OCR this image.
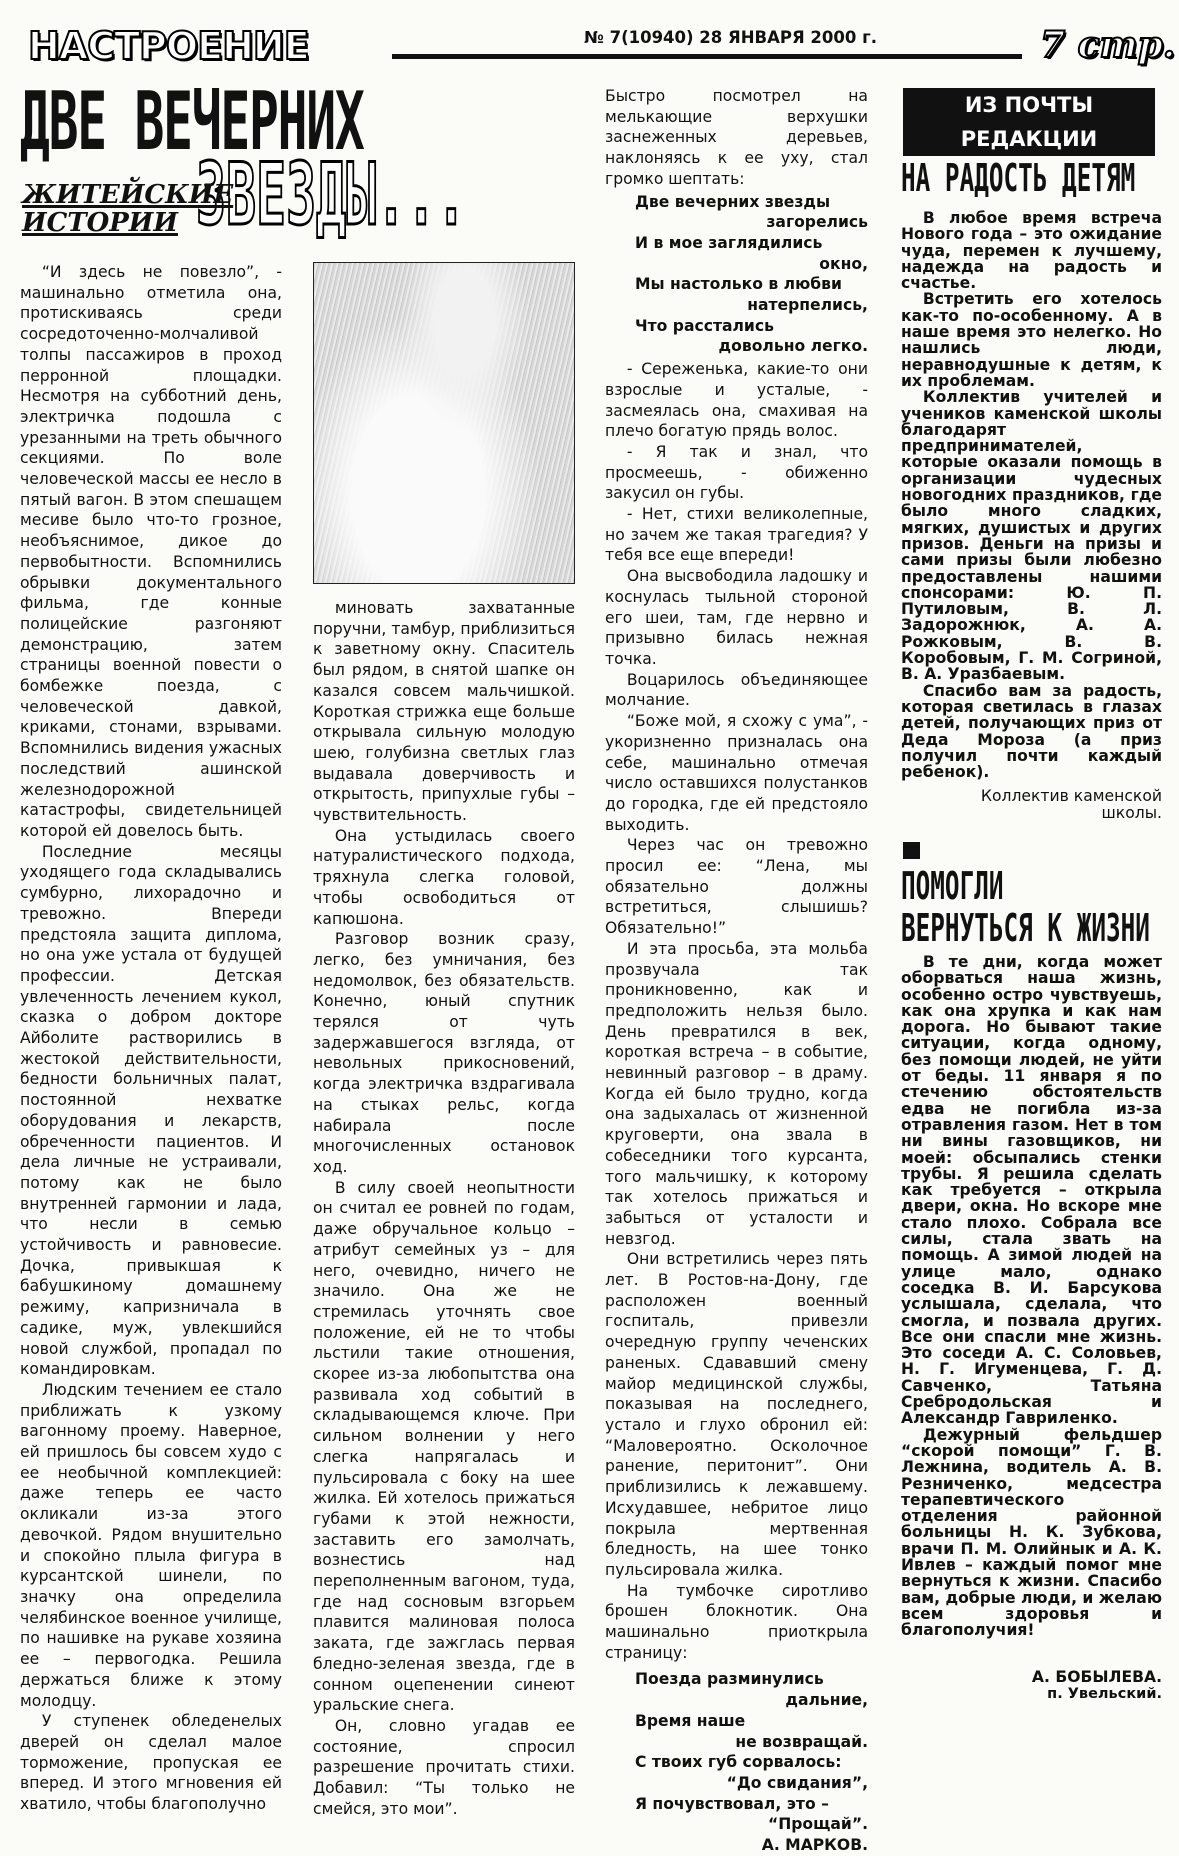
НАСТРОЕНИЕ	№ 7(10940) 28 ЯНВАРЯ 2000 г.	7 стр.
ДВЕ ВЕЧЕРНИХ
ЗВЕЗДЫ...
ЖИТЕЙСКИЕ
ИСТОРИИ

“И здесь не повезло”, - машинально отметила она, протискиваясь среди сосредоточенно-молчаливой толпы пассажиров в проход перронной площадки. Несмотря на субботний день, электричка подошла с урезанными на треть обычного секциями. По воле человеческой массы ее несло в пятый вагон. В этом спешащем месиве было что-то грозное, необъяснимое, дикое до первобытности. Вспомнились обрывки документального фильма, где конные полицейские разгоняют демонстрацию, затем страницы военной повести о бомбежке поезда, с человеческой давкой, криками, стонами, взрывами. Вспомнились видения ужасных последствий ашинской железнодорожной катастрофы, свидетельницей которой ей довелось быть.

Последние месяцы уходящего года складывались сумбурно, лихорадочно и тревожно. Впереди предстояла защита диплома, но она уже устала от будущей профессии. Детская увлеченность лечением кукол, сказка о добром докторе Айболите растворились в жестокой действительности, бедности больничных палат, постоянной нехватке оборудования и лекарств, обреченности пациентов. И дела личные не устраивали, потому как не было внутренней гармонии и лада, что несли в семью устойчивость и равновесие. Дочка, привыкшая к бабушкиному домашнему режиму, капризничала в садике, муж, увлекшийся новой службой, пропадал по командировкам.

Людским течением ее стало приближать к узкому вагонному проему. Наверное, ей пришлось бы совсем худо с ее необычной комплекцией: даже теперь ее часто окликали из-за этого девочкой. Рядом внушительно и спокойно плыла фигура в курсантской шинели, по значку она определила челябинское военное училище, по нашивке на рукаве хозяина ее – первогодка. Решила держаться ближе к этому молодцу.

У ступенек обледенелых дверей он сделал малое торможение, пропуская ее вперед. И этого мгновения ей хватило, чтобы благополучно

миновать захватанные поручни, тамбур, приблизиться к заветному окну. Спаситель был рядом, в снятой шапке он казался совсем мальчишкой. Короткая стрижка еще больше открывала сильную молодую шею, голубизна светлых глаз выдавала доверчивость и открытость, припухлые губы – чувствительность.

Она устыдилась своего натуралистического подхода, тряхнула слегка головой, чтобы освободиться от капюшона.

Разговор возник сразу, легко, без умничания, без недомолвок, без обязательств. Конечно, юный спутник терялся от чуть задержавшегося взгляда, от невольных прикосновений, когда электричка вздрагивала на стыках рельс, когда набирала после многочисленных остановок ход.

В силу своей неопытности он считал ее ровней по годам, даже обручальное кольцо – атрибут семейных уз – для него, очевидно, ничего не значило. Она же не стремилась уточнять свое положение, ей не то чтобы льстили такие отношения, скорее из-за любопытства она развивала ход событий в складывающемся ключе. При сильном волнении у него слегка напрягалась и пульсировала с боку на шее жилка. Ей хотелось прижаться губами к этой нежности, заставить его замолчать, вознестись над переполненным вагоном, туда, где над сосновым взгорьем плавится малиновая полоса заката, где зажглась первая бледно-зеленая звезда, где в сонном оцепенении синеют уральские снега.

Он, словно угадав ее состояние, спросил разрешение прочитать стихи. Добавил: “Ты только не смейся, это мои”.

Быстро посмотрел на мелькающие верхушки заснеженных деревьев, наклоняясь к ее уху, стал громко шептать:

Две вечерних звезды
загорелись
И в мое заглядились
окно,
Мы настолько в любви
натерпелись,
Что расстались
довольно легко.

- Сереженька, какие-то они взрослые и усталые, - засмеялась она, смахивая на плечо богатую прядь волос.

- Я так и знал, что просмеешь, - обиженно закусил он губы.

- Нет, стихи великолепные, но зачем же такая трагедия? У тебя все еще впереди!

Она высвободила ладошку и коснулась тыльной стороной его шеи, там, где нервно и призывно билась нежная точка.

Воцарилось объединяющее молчание.

“Боже мой, я схожу с ума”, - укоризненно призналась она себе, машинально отмечая число оставшихся полустанков до городка, где ей предстояло выходить.

Через час он тревожно просил ее: “Лена, мы обязательно должны встретиться, слышишь? Обязательно!”

И эта просьба, эта мольба прозвучала так проникновенно, как и предположить нельзя было. День превратился в век, короткая встреча – в событие, невинный разговор – в драму. Когда ей было трудно, когда она задыхалась от жизненной круговерти, она звала в собеседники того курсанта, того мальчишку, к которому так хотелось прижаться и забыться от усталости и невзгод.

Они встретились через пять лет. В Ростов-на-Дону, где расположен военный госпиталь, привезли очередную группу чеченских раненых. Сдававший смену майор медицинской службы, показывая на последнего, устало и глухо обронил ей: “Маловероятно. Осколочное ранение, перитонит”. Они приблизились к лежавшему. Исхудавшее, небритое лицо покрыла мертвенная бледность, на шее тонко пульсировала жилка.

На тумбочке сиротливо брошен блокнотик. Она машинально приоткрыла страницу:

Поезда разминулись
дальние,
Время наше
не возвращай.
С твоих губ сорвалось:
“До свидания”,
Я почувствовал, это –
“Прощай”.
А. МАРКОВ.
ИЗ ПОЧТЫ РЕДАКЦИИ
НА РАДОСТЬ ДЕТЯМ

В любое время встреча Нового года – это ожидание чуда, перемен к лучшему, надежда на радость и счастье.

Встретить его хотелось как-то по-особенному. А в наше время это нелегко. Но нашлись люди, неравнодушные к детям, к их проблемам.

Коллектив учителей и учеников каменской школы благодарят предпринимателей, которые оказали помощь в организации чудесных новогодних праздников, где было много сладких, мягких, душистых и других призов. Деньги на призы и сами призы были любезно предоставлены нашими спонсорами: Ю. П. Путиловым, В. Л. Задорожнюк, А. А. Рожковым, В. В. Коробовым, Г. М. Согриной, В. А. Уразбаевым.

Спасибо вам за радость, которая светилась в глазах детей, получающих приз от Деда Мороза (а приз получил почти каждый ребенок).

Коллектив каменской школы.

ПОМОГЛИ
ВЕРНУТЬСЯ К ЖИЗНИ

В те дни, когда может оборваться наша жизнь, особенно остро чувствуешь, как она хрупка и как нам дорога. Но бывают такие ситуации, когда одному, без помощи людей, не уйти от беды. 11 января я по стечению обстоятельств едва не погибла из-за отравления газом. Нет в том ни вины газовщиков, ни моей: обсыпались стенки трубы. Я решила сделать как требуется – открыла двери, окна. Но вскоре мне стало плохо. Собрала все силы, стала звать на помощь. А зимой людей на улице мало, однако соседка В. И. Барсукова услышала, сделала, что смогла, и позвала других. Все они спасли мне жизнь. Это соседи А. С. Соловьев, Н. Г. Игуменцева, Г. Д. Савченко, Татьяна Сребродольская и Александр Гавриленко.

Дежурный фельдшер “скорой помощи” Г. В. Лежнина, водитель А. В. Резниченко, медсестра терапевтического отделения районной больницы Н. К. Зубкова, врачи П. М. Олийнык и А. К. Ивлев – каждый помог мне вернуться к жизни. Спасибо вам, добрые люди, и желаю всем здоровья и благополучия!

А. БОБЫЛЕВА.
п. Увельский.
